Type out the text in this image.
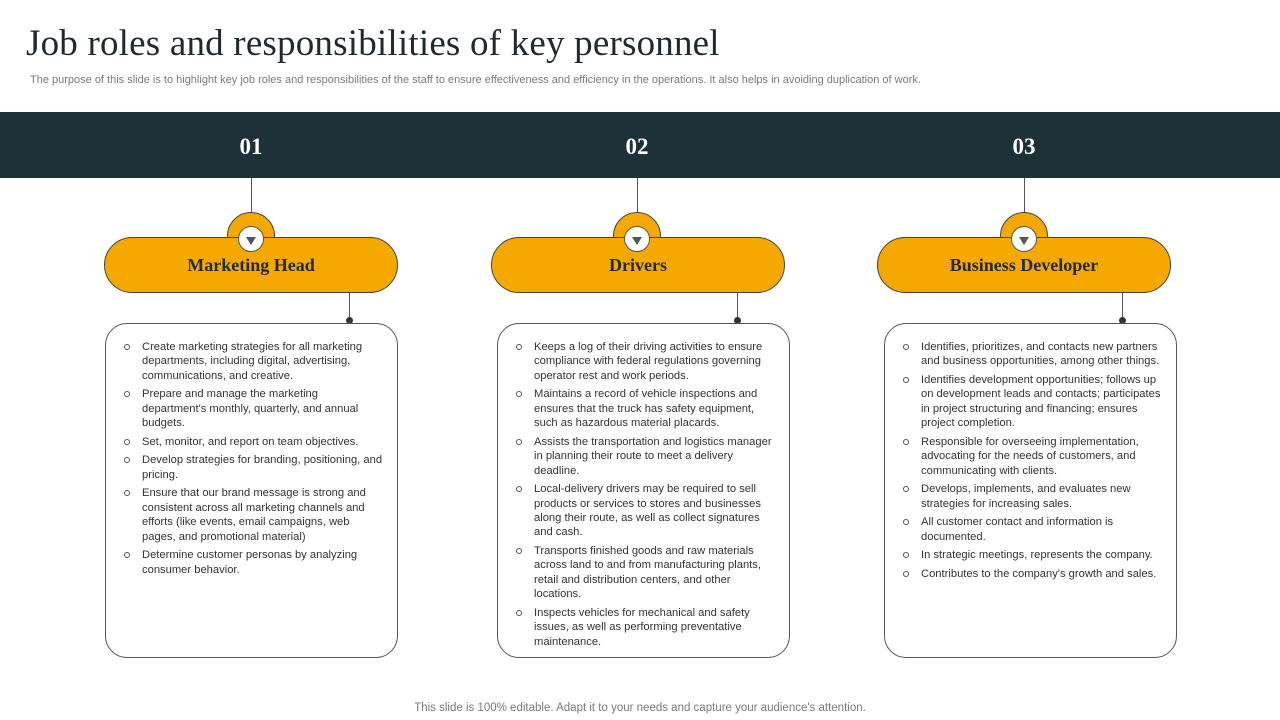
Job roles and responsibilities of key personnel
The purpose of this slide is to highlight key job roles and responsibilities of the staff to ensure effectiveness and efficiency in the operations. It also helps in avoiding duplication of work.
01
Marketing Head
Create marketing strategies for all marketing departments, including digital, advertising, communications, and creative.
Prepare and manage the marketing department's monthly, quarterly, and annual budgets.
Set, monitor, and report on team objectives.
Develop strategies for branding, positioning, and pricing.
Ensure that our brand message is strong and consistent across all marketing channels and efforts (like events, email campaigns, web pages, and promotional material)
Determine customer personas by analyzing consumer behavior.
02
Drivers
Keeps a log of their driving activities to ensure compliance with federal regulations governing operator rest and work periods.
Maintains a record of vehicle inspections and ensures that the truck has safety equipment, such as hazardous material placards.
Assists the transportation and logistics manager in planning their route to meet a delivery deadline.
Local-delivery drivers may be required to sell products or services to stores and businesses along their route, as well as collect signatures and cash.
Transports finished goods and raw materials across land to and from manufacturing plants, retail and distribution centers, and other locations.
Inspects vehicles for mechanical and safety issues, as well as performing preventative maintenance.
03
Business Developer
Identifies, prioritizes, and contacts new partners and business opportunities, among other things.
Identifies development opportunities; follows up on development leads and contacts; participates in project structuring and financing; ensures project completion.
Responsible for overseeing implementation, advocating for the needs of customers, and communicating with clients.
Develops, implements, and evaluates new strategies for increasing sales.
All customer contact and information is documented.
In strategic meetings, represents the company.
Contributes to the company's growth and sales.
This slide is 100% editable. Adapt it to your needs and capture your audience's attention.
